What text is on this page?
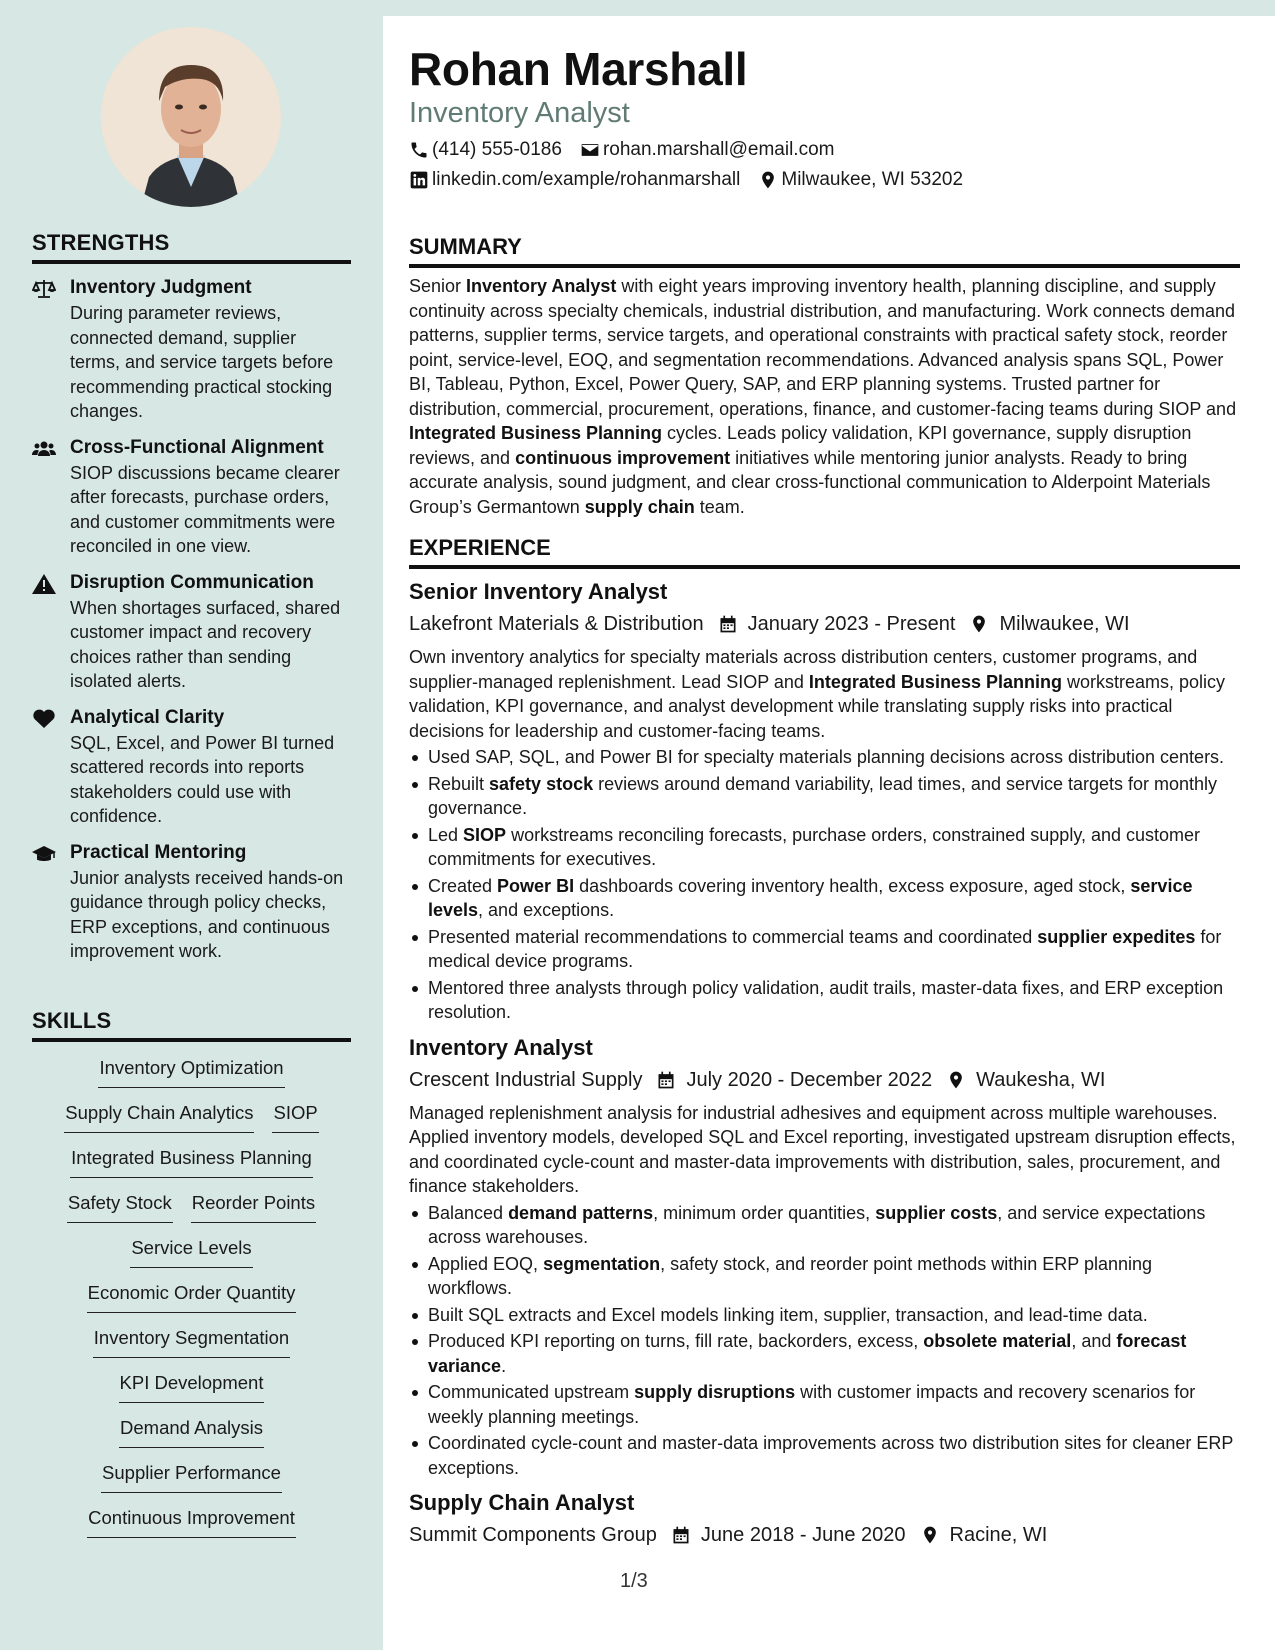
STRENGTHS
Inventory Judgment
During parameter reviews, connected demand, supplier terms, and service targets before recommending practical stocking changes.
Cross-Functional Alignment
SIOP discussions became clearer after forecasts, purchase orders, and customer commitments were reconciled in one view.
Disruption Communication
When shortages surfaced, shared customer impact and recovery choices rather than sending isolated alerts.
Analytical Clarity
SQL, Excel, and Power BI turned scattered records into reports stakeholders could use with confidence.
Practical Mentoring
Junior analysts received hands-on guidance through policy checks, ERP exceptions, and continuous improvement work.
SKILLS
Inventory Optimization
Supply Chain Analytics SIOP
Integrated Business Planning
Safety Stock Reorder Points
Service Levels
Economic Order Quantity
Inventory Segmentation
KPI Development
Demand Analysis
Supplier Performance
Continuous Improvement
Rohan Marshall
Inventory Analyst
(414) 555-0186 rohan.marshall@email.com
linkedin.com/example/rohanmarshall Milwaukee, WI 53202
SUMMARY
Senior Inventory Analyst with eight years improving inventory health, planning discipline, and supply continuity across specialty chemicals, industrial distribution, and manufacturing. Work connects demand patterns, supplier terms, service targets, and operational constraints with practical safety stock, reorder point, service-level, EOQ, and segmentation recommendations. Advanced analysis spans SQL, Power BI, Tableau, Python, Excel, Power Query, SAP, and ERP planning systems. Trusted partner for distribution, commercial, procurement, operations, finance, and customer-facing teams during SIOP and Integrated Business Planning cycles. Leads policy validation, KPI governance, supply disruption reviews, and continuous improvement initiatives while mentoring junior analysts. Ready to bring accurate analysis, sound judgment, and clear cross-functional communication to Alderpoint Materials Group’s Germantown supply chain team.
EXPERIENCE
Senior Inventory Analyst
Lakefront Materials & Distribution January 2023 - Present Milwaukee, WI
Own inventory analytics for specialty materials across distribution centers, customer programs, and supplier-managed replenishment. Lead SIOP and Integrated Business Planning workstreams, policy validation, KPI governance, and analyst development while translating supply risks into practical decisions for leadership and customer-facing teams.
Used SAP, SQL, and Power BI for specialty materials planning decisions across distribution centers.
Rebuilt safety stock reviews around demand variability, lead times, and service targets for monthly governance.
Led SIOP workstreams reconciling forecasts, purchase orders, constrained supply, and customer commitments for executives.
Created Power BI dashboards covering inventory health, excess exposure, aged stock, service levels, and exceptions.
Presented material recommendations to commercial teams and coordinated supplier expedites for medical device programs.
Mentored three analysts through policy validation, audit trails, master-data fixes, and ERP exception resolution.
Inventory Analyst
Crescent Industrial Supply July 2020 - December 2022 Waukesha, WI
Managed replenishment analysis for industrial adhesives and equipment across multiple warehouses. Applied inventory models, developed SQL and Excel reporting, investigated upstream disruption effects, and coordinated cycle-count and master-data improvements with distribution, sales, procurement, and finance stakeholders.
Balanced demand patterns, minimum order quantities, supplier costs, and service expectations across warehouses.
Applied EOQ, segmentation, safety stock, and reorder point methods within ERP planning workflows.
Built SQL extracts and Excel models linking item, supplier, transaction, and lead-time data.
Produced KPI reporting on turns, fill rate, backorders, excess, obsolete material, and forecast variance.
Communicated upstream supply disruptions with customer impacts and recovery scenarios for weekly planning meetings.
Coordinated cycle-count and master-data improvements across two distribution sites for cleaner ERP exceptions.
Supply Chain Analyst
Summit Components Group June 2018 - June 2020 Racine, WI
1/3
